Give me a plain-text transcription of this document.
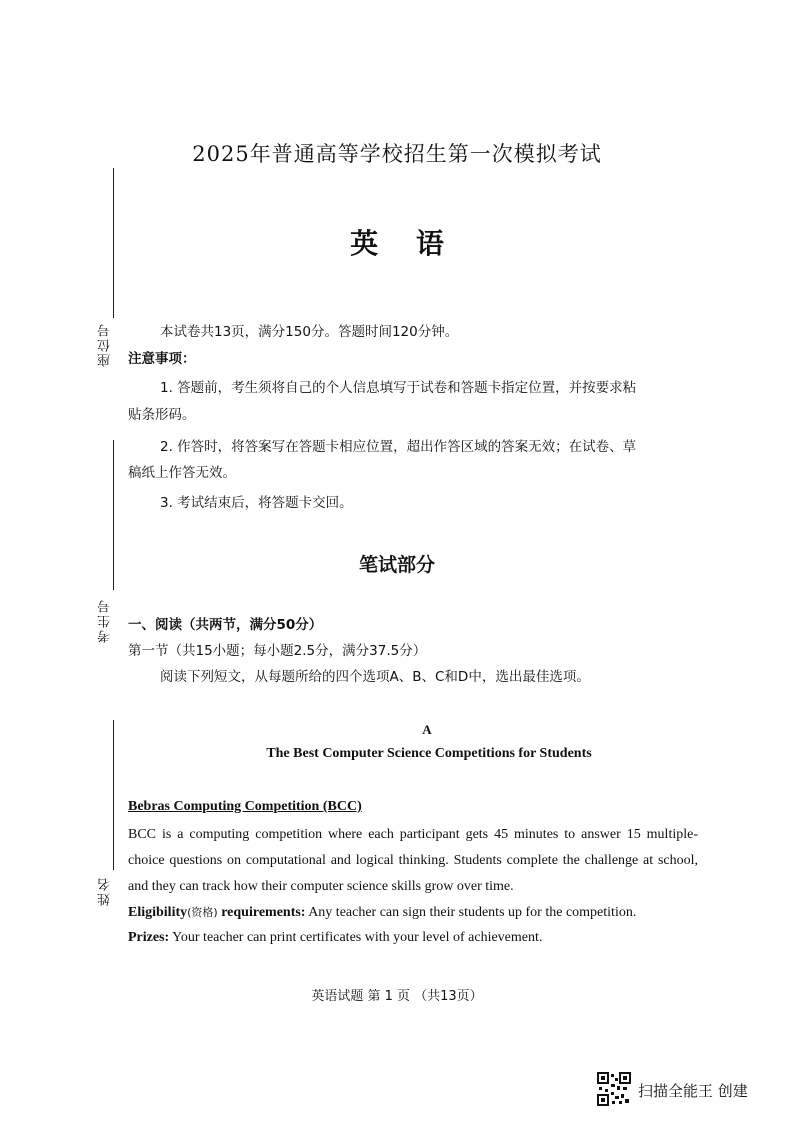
座位号
考生号
姓名
2025年普通高等学校招生第一次模拟考试
英 语
本试卷共13页，满分150分。答题时间120分钟。
注意事项：
1. 答题前，考生须将自己的个人信息填写于试卷和答题卡指定位置，并按要求粘
贴条形码。
2. 作答时，将答案写在答题卡相应位置，超出作答区域的答案无效；在试卷、草
稿纸上作答无效。
3. 考试结束后，将答题卡交回。
笔试部分
一、阅读（共两节，满分50分）
第一节（共15小题；每小题2.5分，满分37.5分）
阅读下列短文，从每题所给的四个选项A、B、C和D中，选出最佳选项。
A
The Best Computer Science Competitions for Students
Bebras Computing Competition (BCC)
BCC is a computing competition where each participant gets 45 minutes to answer 15 multiple-choice questions on computational and logical thinking. Students complete the challenge at school, and they can track how their computer science skills grow over time.
Eligibility(资格) requirements: Any teacher can sign their students up for the competition.
Prizes: Your teacher can print certificates with your level of achievement.
英语试题 第 1 页 （共13页）
扫描全能王 创建
